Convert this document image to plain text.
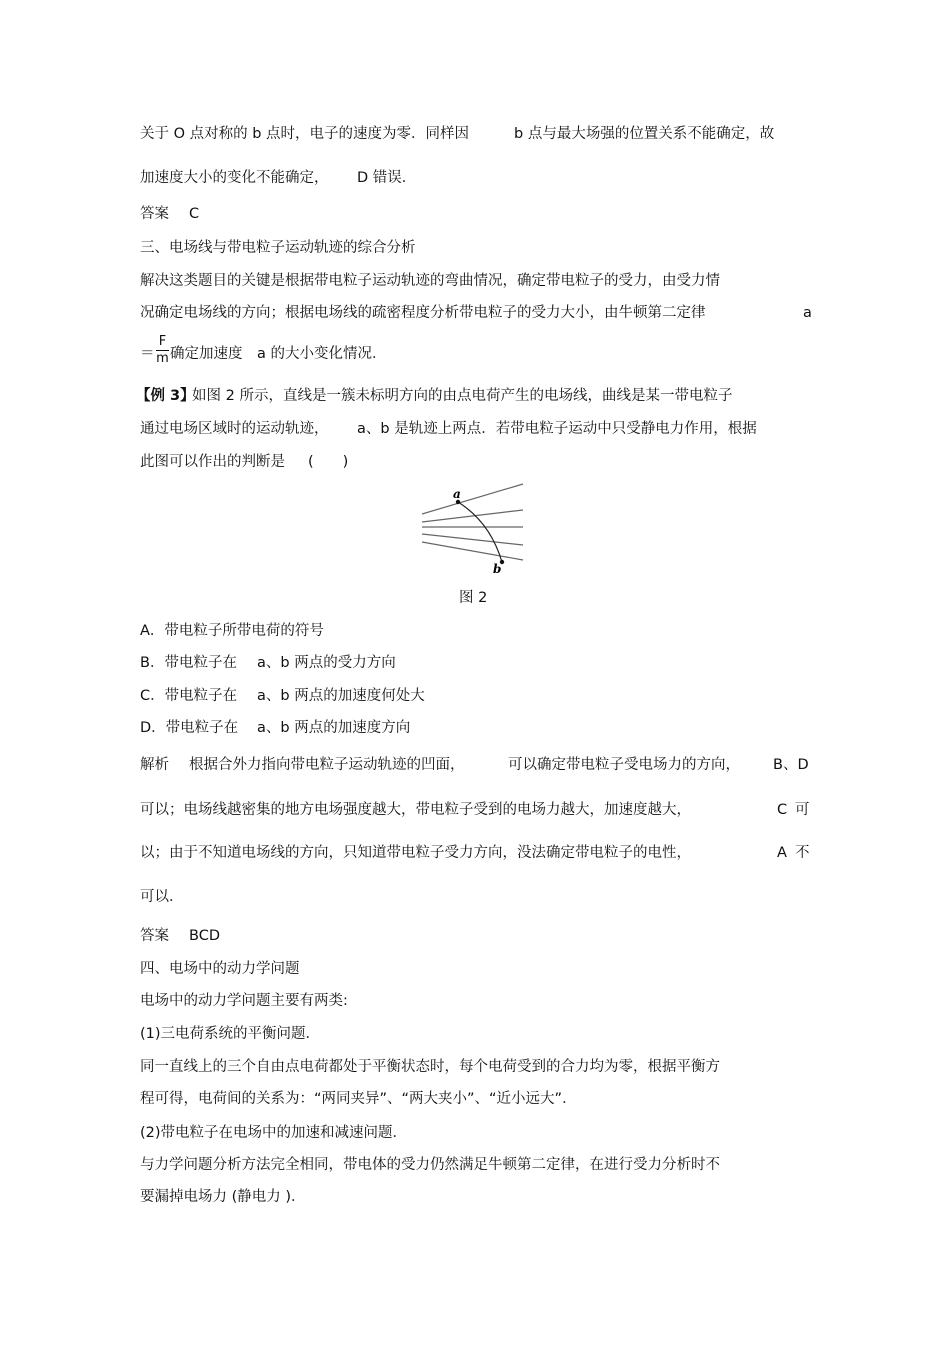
关于 O 点对称的 b 点时，电子的速度为零．同样因	b 点与最大场强的位置关系不能确定，故
加速度大小的变化不能确定， D 错误．
答案 C
三、电场线与带电粒子运动轨迹的综合分析
解决这类题目的关键是根据带电粒子运动轨迹的弯曲情况，确定带电粒子的受力，由受力情
况确定电场线的方向；根据电场线的疏密程度分析带电粒子的受力大小，由牛顿第二定律	a
＝
F
m 确定加速度 a 的大小变化情况．
【例 3】
如图 2 所示，直线是一簇未标明方向的由点电荷产生的电场线，曲线是某一带电粒子
通过电场区域时的运动轨迹， a、b 是轨迹上两点．若带电粒子运动中只受静电力作用，根据
此图可以作出的判断是 (　　)
a
b
图 2
A．带电粒子所带电荷的符号
B．带电粒子在 a、b 两点的受力方向
C．带电粒子在 a、b 两点的加速度何处大
D．带电粒子在 a、b 两点的加速度方向
解析 根据合外力指向带电粒子运动轨迹的凹面，	可以确定带电粒子受电场力的方向， B、D
可以；电场线越密集的地方电场强度越大，带电粒子受到的电场力越大，加速度越大，	C 可
以；由于不知道电场线的方向，只知道带电粒子受力方向，没法确定带电粒子的电性，	A 不
可以．
答案 BCD
四、电场中的动力学问题
电场中的动力学问题主要有两类:
(1)三电荷系统的平衡问题．
同一直线上的三个自由点电荷都处于平衡状态时，每个电荷受到的合力均为零，根据平衡方
程可得，电荷间的关系为：“两同夹异”、“两大夹小”、“近小远大”．
(2)带电粒子在电场中的加速和减速问题．
与力学问题分析方法完全相同，带电体的受力仍然满足牛顿第二定律，在进行受力分析时不
要漏掉电场力 (静电力 )．
